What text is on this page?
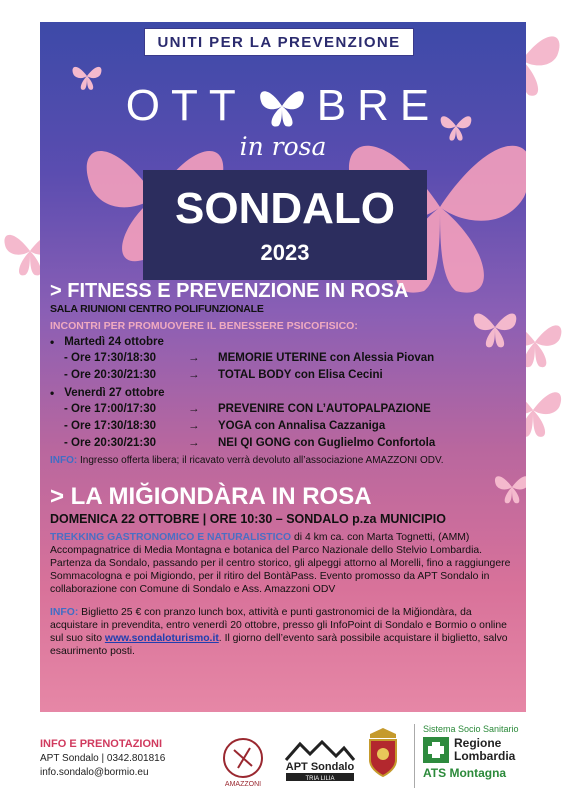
UNITI PER LA PREVENZIONE
OTT BRE
in rosa
SONDALO
2023
> FITNESS E PREVENZIONE IN ROSA
SALA RIUNIONI CENTRO POLIFUNZIONALE
INCONTRI PER PROMUOVERE IL BENESSERE PSICOFISICO:
• Martedì 24 ottobre
- Ore 17:30/18:30	→	MEMORIE UTERINE con Alessia Piovan
- Ore 20:30/21:30	→	TOTAL BODY con Elisa Cecini
• Venerdì 27 ottobre
- Ore 17:00/17:30	→	PREVENIRE CON L’AUTOPALPAZIONE
- Ore 17:30/18:30	→	YOGA con Annalisa Cazzaniga
- Ore 20:30/21:30	→	NEI QI GONG con Guglielmo Confortola
INFO: Ingresso offerta libera; il ricavato verrà devoluto all’associazione AMAZZONI ODV.
> LA MIĞIONDÀRA IN ROSA
DOMENICA 22 OTTOBRE | ORE 10:30 – SONDALO p.za MUNICIPIO
TREKKING GASTRONOMICO E NATURALISTICO di 4 km ca. con Marta Tognetti, (AMM) Accompagnatrice di Media Montagna e botanica del Parco Nazionale dello Stelvio Lombardia. Partenza da Sondalo, passando per il centro storico, gli alpeggi attorno al Morelli, fino a raggiungere Sommacologna e poi Migiondo, per il ritiro del BontàPass. Evento promosso da APT Sondalo in collaborazione con Comune di Sondalo e Ass. Amazzoni ODV
INFO: Biglietto 25 € con pranzo lunch box, attività e punti gastronomici de la Miğiondàra, da acquistare in prevendita, entro venerdì 20 ottobre, presso gli InfoPoint di Sondalo e Bormio o online sul suo sito www.sondaloturismo.it. Il giorno dell’evento sarà possibile acquistare il biglietto, salvo esaurimento posti.
INFO E PRENOTAZIONI
APT Sondalo | 0342.801816
info.sondalo@bormio.eu
AMAZZONI
APT Sondalo
TRIA LILIA
Sistema Socio Sanitario
Regione
Lombardia
ATS Montagna
